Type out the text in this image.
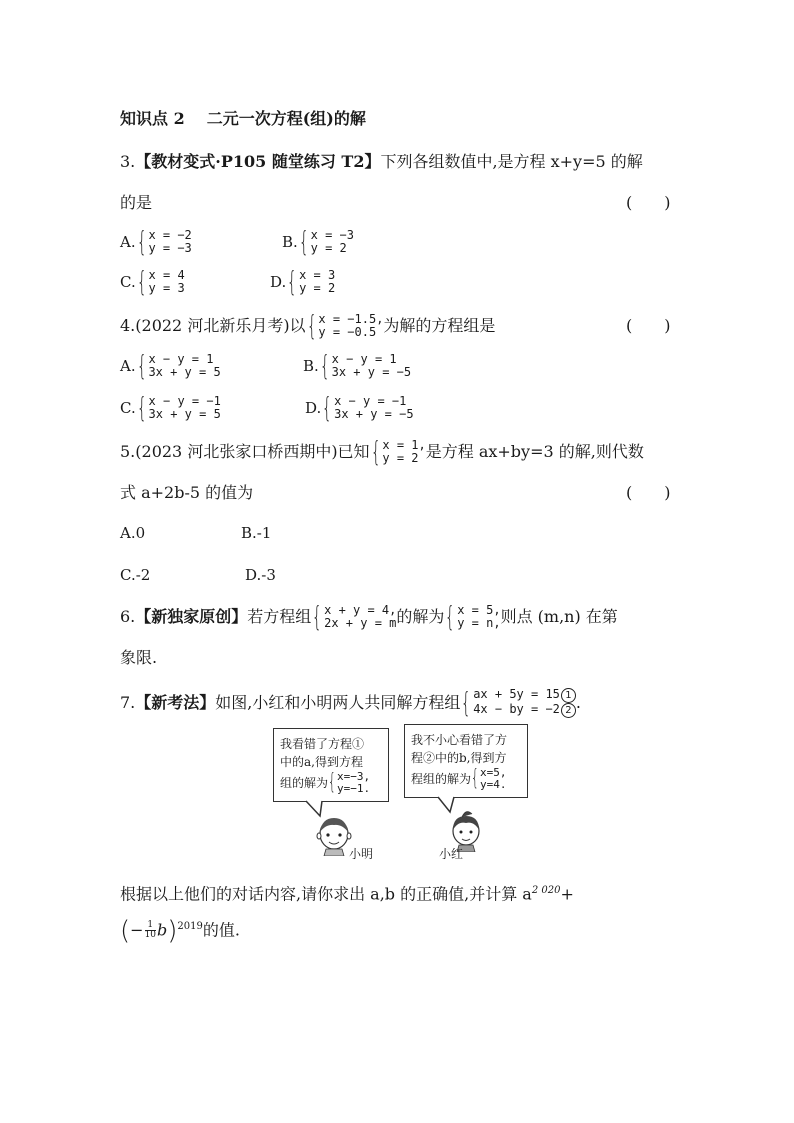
知识点 2 二元一次方程(组)的解
3.【教材变式·P105 随堂练习 T2】下列各组数值中,是方程 x+y=5 的解
的是	(　　)
A. { x = −2
y = −3	B. { x = −3
y = 2
C. { x = 4
y = 3	D. { x = 3
y = 2
4.(2022 河北新乐月考)以 { x = −1.5,
y = −0.5 为解的方程组是	(　　)
A. { x − y = 1
3x + y = 5	B. { x − y = 1
3x + y = −5
C. { x − y = −1
3x + y = 5	D. { x − y = −1
3x + y = −5
5.(2023 河北张家口桥西期中)已知 { x = 1,
y = 2 是方程 ax+by=3 的解,则代数
式 a+2b-5 的值为	(　　)
A.0	B.-1
C.-2	D.-3
6. 【新独家原创】 若方程组 { x + y = 4,
2x + y = m 的解为 { x = 5,
y = n, 则点 (m,n) 在第
象限.
7. 【新考法】 如图,小红和小明两人共同解方程组 { ax + 5y = 15 1
4x − by = −2 2 .
我看错了方程①
中的a,得到方程
组的解为 { x=−3,
y=−1.
我不小心看错了方
程②中的b,得到方
程组的解为 { x=5,
y=4.
小明	小红
根据以上他们的对话内容,请你求出 a,b 的正确值,并计算 $a^{2 020}+$
(− $\frac{1}{10} b)^{2019}$的值.
